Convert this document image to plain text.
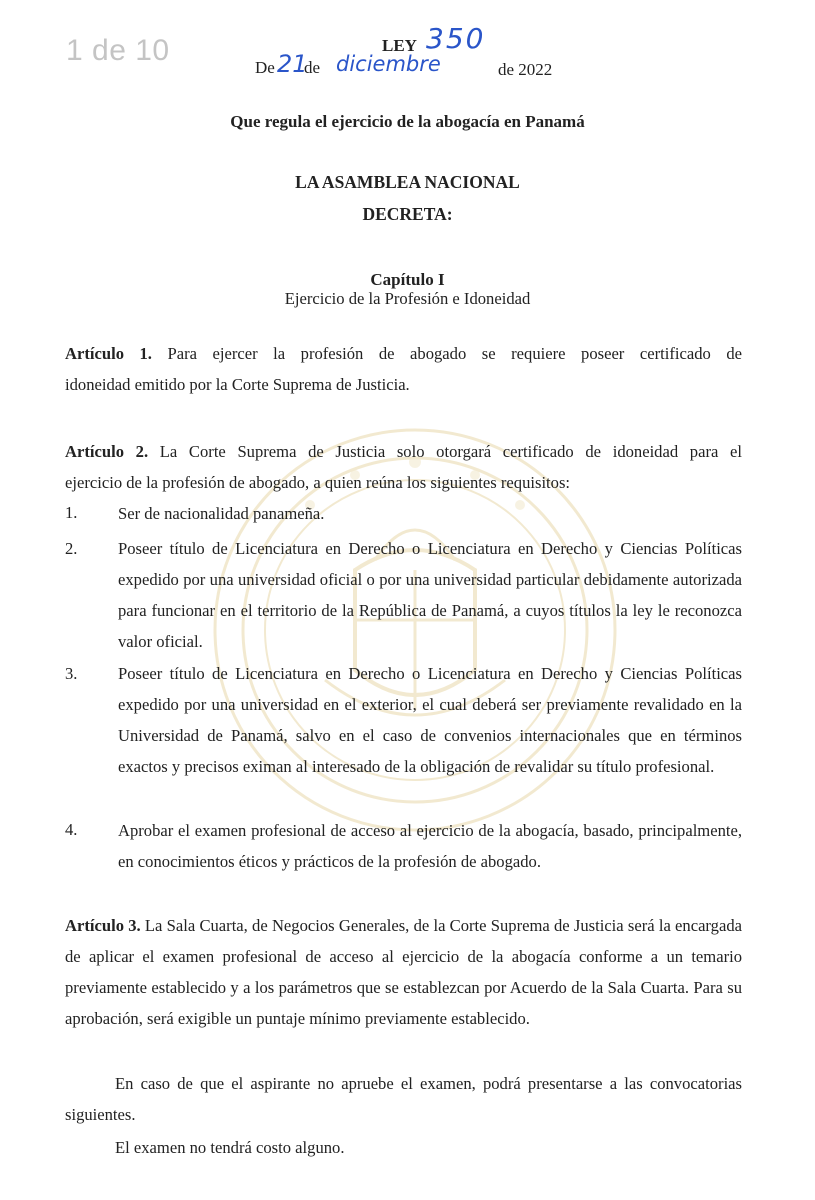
1 de 10	LEY 350
De 21
de diciembre	de 2022
Que regula el ejercicio de la abogacía en Panamá
LA ASAMBLEA NACIONAL
DECRETA:
Capítulo I
Ejercicio de la Profesión e Idoneidad
Artículo 1. Para ejercer la profesión de abogado se requiere poseer certificado de
idoneidad emitido por la Corte Suprema de Justicia.
Artículo 2. La Corte Suprema de Justicia solo otorgará certificado de idoneidad para el
ejercicio de la profesión de abogado, a quien reúna los siguientes requisitos:
1. Ser de nacionalidad panameña.
2. Poseer título de Licenciatura en Derecho o Licenciatura en Derecho y Ciencias Políticas expedido por una universidad oficial o por una universidad particular debidamente autorizada para funcionar en el territorio de la República de Panamá, a cuyos títulos la ley le reconozca valor oficial.
3. Poseer título de Licenciatura en Derecho o Licenciatura en Derecho y Ciencias Políticas expedido por una universidad en el exterior, el cual deberá ser previamente revalidado en la Universidad de Panamá, salvo en el caso de convenios internacionales que en términos exactos y precisos eximan al interesado de la obligación de revalidar su título profesional.
4. Aprobar el examen profesional de acceso al ejercicio de la abogacía, basado, principalmente, en conocimientos éticos y prácticos de la profesión de abogado.
Artículo 3. La Sala Cuarta, de Negocios Generales, de la Corte Suprema de Justicia será la encargada de aplicar el examen profesional de acceso al ejercicio de la abogacía conforme a un temario previamente establecido y a los parámetros que se establezcan por Acuerdo de la Sala Cuarta. Para su aprobación, será exigible un puntaje mínimo previamente establecido.
En caso de que el aspirante no apruebe el examen, podrá presentarse a las convocatorias siguientes.
El examen no tendrá costo alguno.
